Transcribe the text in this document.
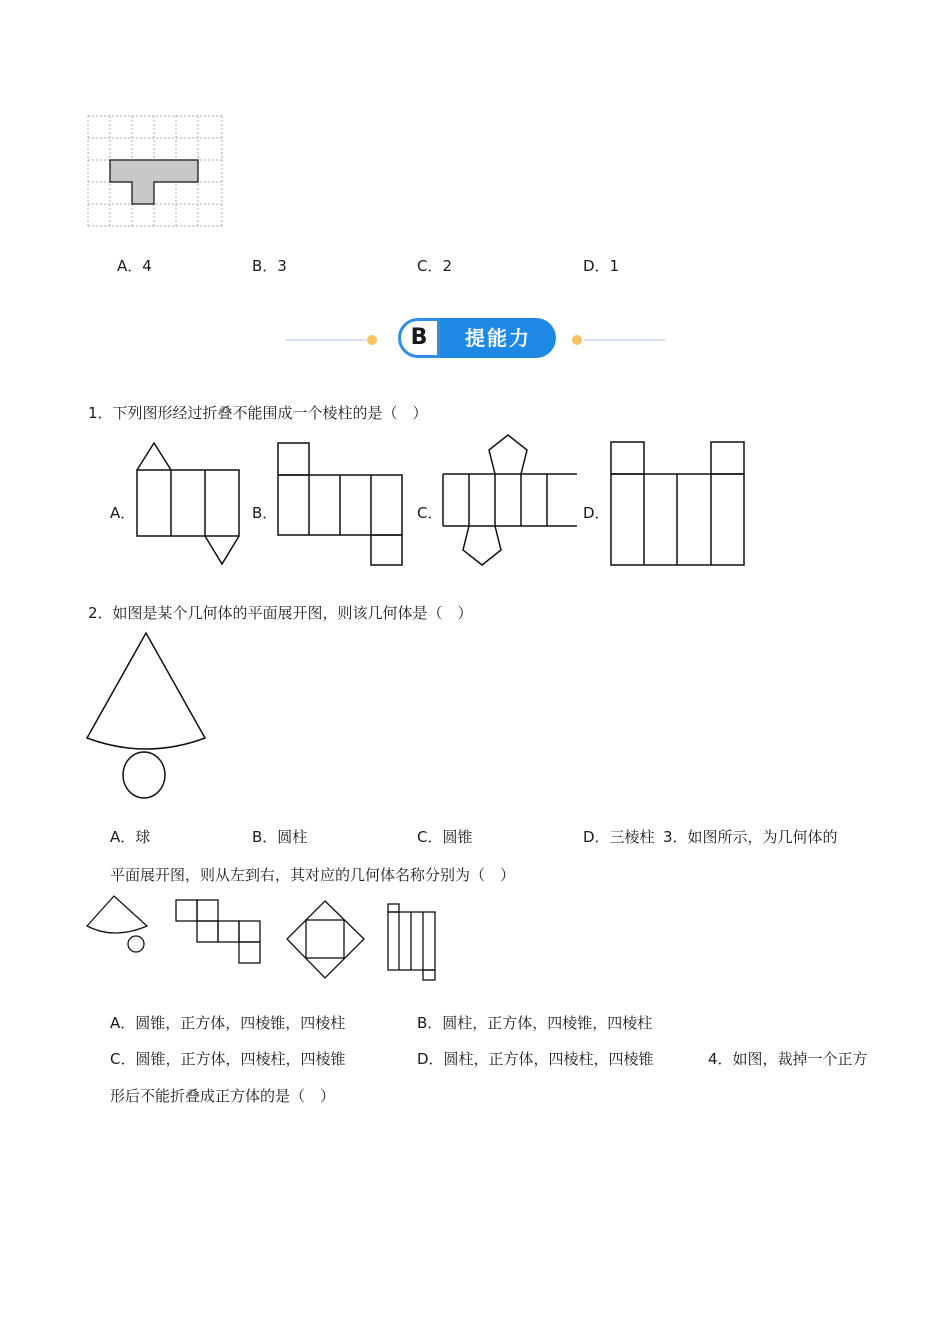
A．4	B．3	C．2	D．1
B	提能力
1．下列图形经过折叠不能围成一个棱柱的是（　）
A．	B．	C．	D．
2．如图是某个几何体的平面展开图，则该几何体是（　）
A．球	B．圆柱	C．圆锥	D．三棱柱 3．如图所示，为几何体的
平面展开图，则从左到右，其对应的几何体名称分别为（　）
A．圆锥，正方体，四棱锥，四棱柱	B．圆柱，正方体，四棱锥，四棱柱
C．圆锥，正方体，四棱柱，四棱锥	D．圆柱，正方体，四棱柱，四棱锥	4．如图，裁掉一个正方
形后不能折叠成正方体的是（　）
